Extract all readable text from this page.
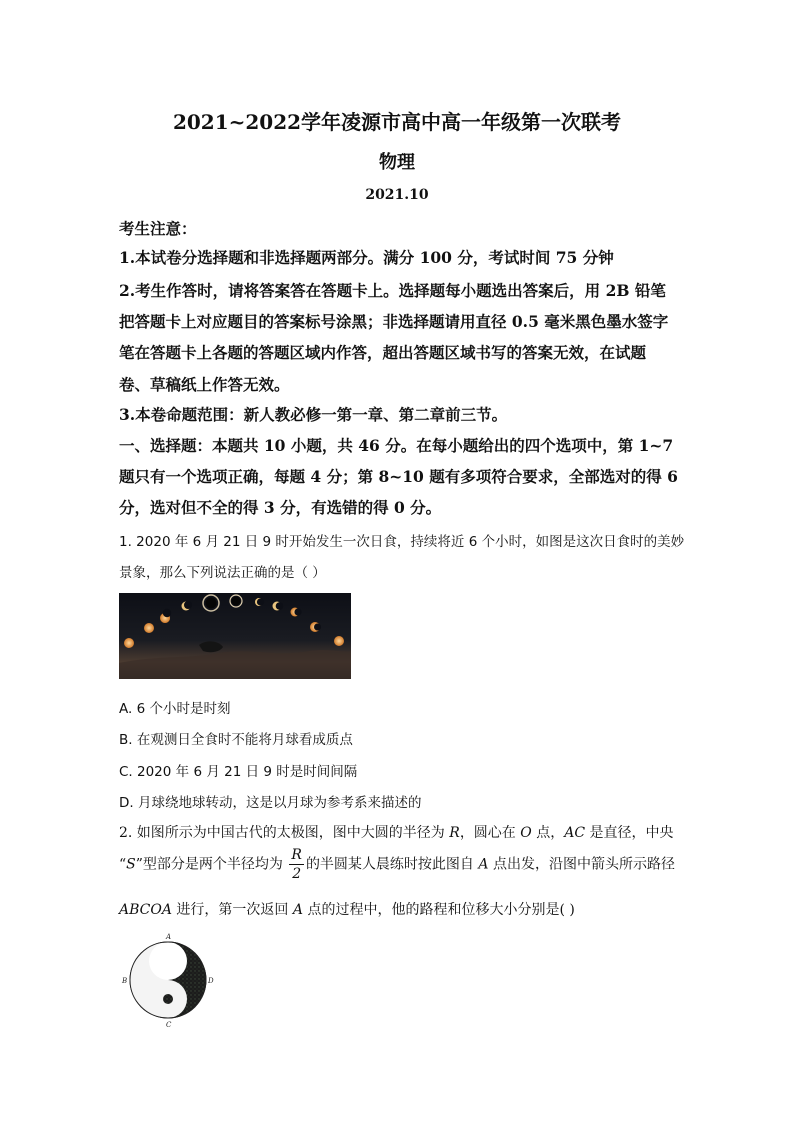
2021~2022学年凌源市高中高一年级第一次联考
物理
2021.10
考生注意：
1.本试卷分选择题和非选择题两部分。满分 100 分，考试时间 75 分钟
2.考生作答时，请将答案答在答题卡上。选择题每小题选出答案后，用 2B 铅笔
把答题卡上对应题目的答案标号涂黑；非选择题请用直径 0.5 毫米黑色墨水签字
笔在答题卡上各题的答题区域内作答，超出答题区域书写的答案无效，在试题
卷、草稿纸上作答无效。
3.本卷命题范围：新人教必修一第一章、第二章前三节。
一、选择题：本题共 10 小题，共 46 分。在每小题给出的四个选项中，第 1~7
题只有一个选项正确，每题 4 分；第 8~10 题有多项符合要求，全部选对的得 6
分，选对但不全的得 3 分，有选错的得 0 分。
1. 2020 年 6 月 21 日 9 时开始发生一次日食，持续将近 6 个小时，如图是这次日食时的美妙
景象，那么下列说法正确的是（ ）
A. 6 个小时是时刻
B. 在观测日全食时不能将月球看成质点
C. 2020 年 6 月 21 日 9 时是时间间隔
D. 月球绕地球转动，这是以月球为参考系来描述的
2. 如图所示为中国古代的太极图，图中大圆的半径为 R，圆心在 O 点，AC 是直径，中央
“S”型部分是两个半径均为 $\frac{R}{2}$ 的半圆某人晨练时按此图自 A 点出发，沿图中箭头所示路径
ABCOA 进行，第一次返回 A 点的过程中，他的路程和位移大小分别是( )
A
B
C
D
